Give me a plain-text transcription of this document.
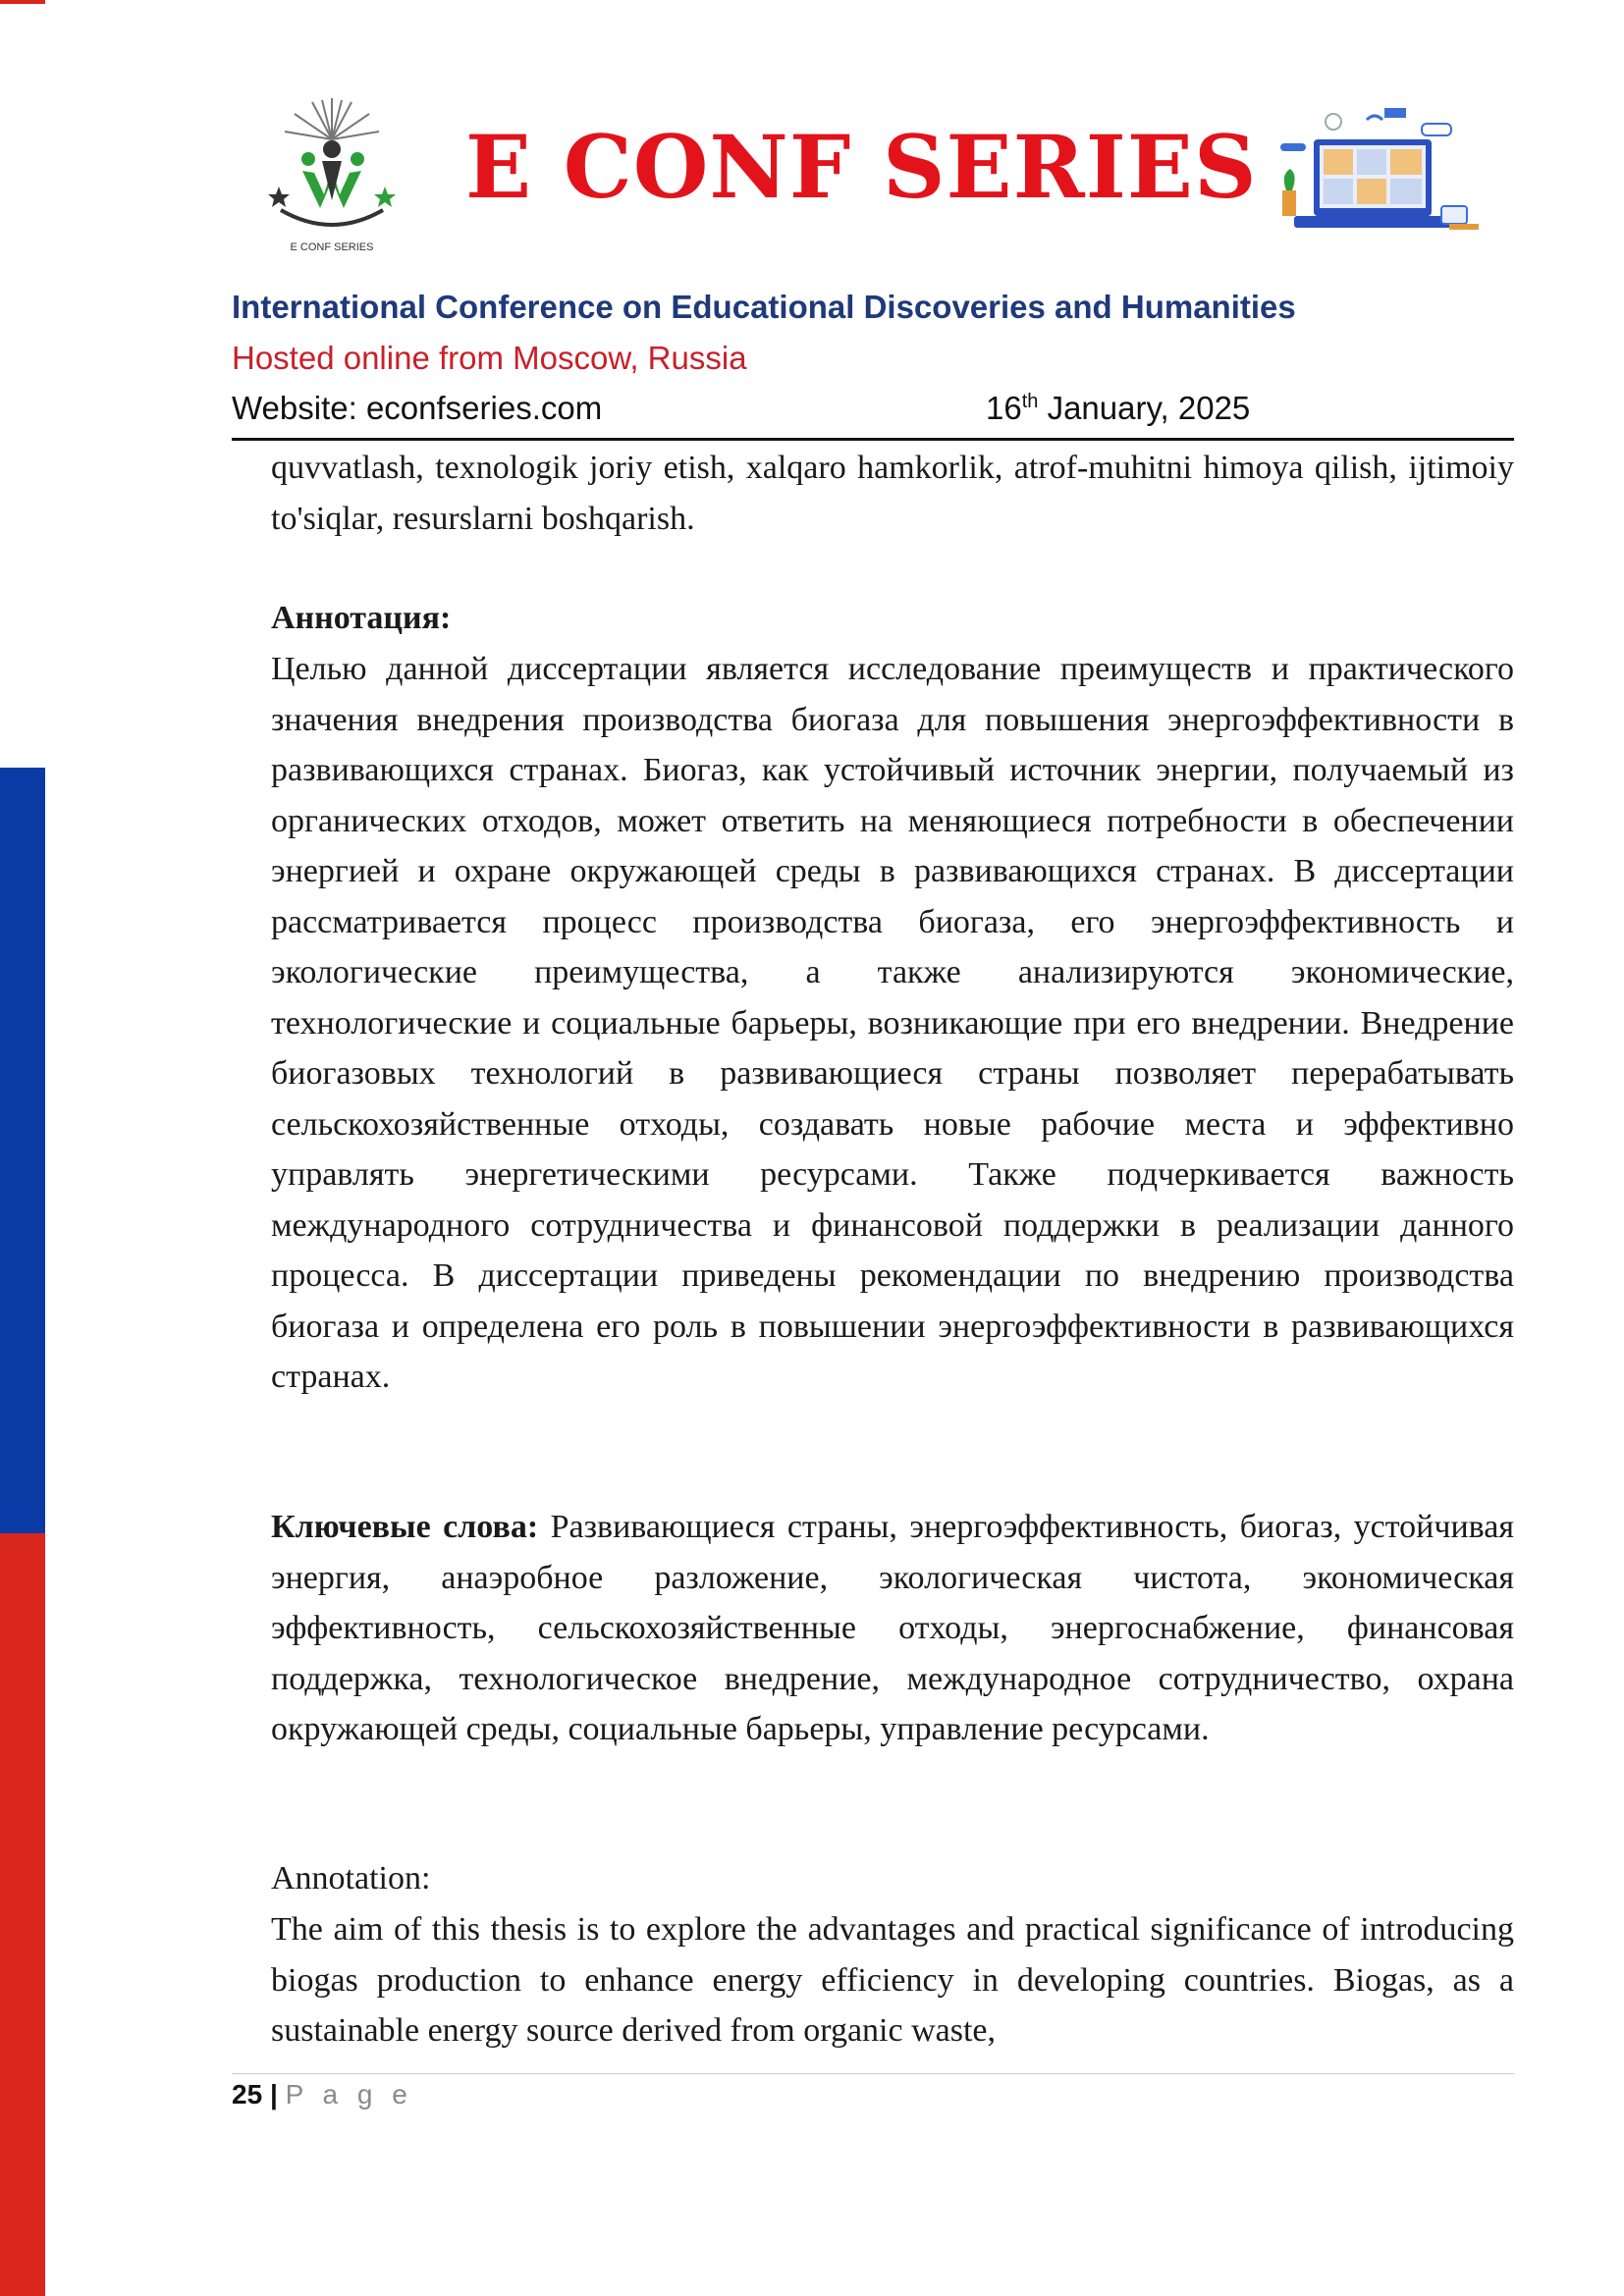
E CONF SERIES
E CONF SERIES
International Conference on Educational Discoveries and Humanities
Hosted online from Moscow, Russia
Website: econfseries.com	16th January, 2025
quvvatlash, texnologik joriy etish, xalqaro hamkorlik, atrof-muhitni himoya qilish, ijtimoiy to'siqlar, resurslarni boshqarish.
Аннотация:
Целью данной диссертации является исследование преимуществ и практического значения внедрения производства биогаза для повышения энергоэффективности в развивающихся странах. Биогаз, как устойчивый источник энергии, получаемый из органических отходов, может ответить на меняющиеся потребности в обеспечении энергией и охране окружающей среды в развивающихся странах. В диссертации рассматривается процесс производства биогаза, его энергоэффективность и экологические преимущества, а также анализируются экономические, технологические и социальные барьеры, возникающие при его внедрении. Внедрение биогазовых технологий в развивающиеся страны позволяет перерабатывать сельскохозяйственные отходы, создавать новые рабочие места и эффективно управлять энергетическими ресурсами. Также подчеркивается важность международного сотрудничества и финансовой поддержки в реализации данного процесса. В диссертации приведены рекомендации по внедрению производства биогаза и определена его роль в повышении энергоэффективности в развивающихся странах.
Ключевые слова: Развивающиеся страны, энергоэффективность, биогаз, устойчивая энергия, анаэробное разложение, экологическая чистота, экономическая эффективность, сельскохозяйственные отходы, энергоснабжение, финансовая поддержка, технологическое внедрение, международное сотрудничество, охрана окружающей среды, социальные барьеры, управление ресурсами.
Annotation:
The aim of this thesis is to explore the advantages and practical significance of introducing biogas production to enhance energy efficiency in developing countries. Biogas, as a sustainable energy source derived from organic waste,
25 | P a g e
